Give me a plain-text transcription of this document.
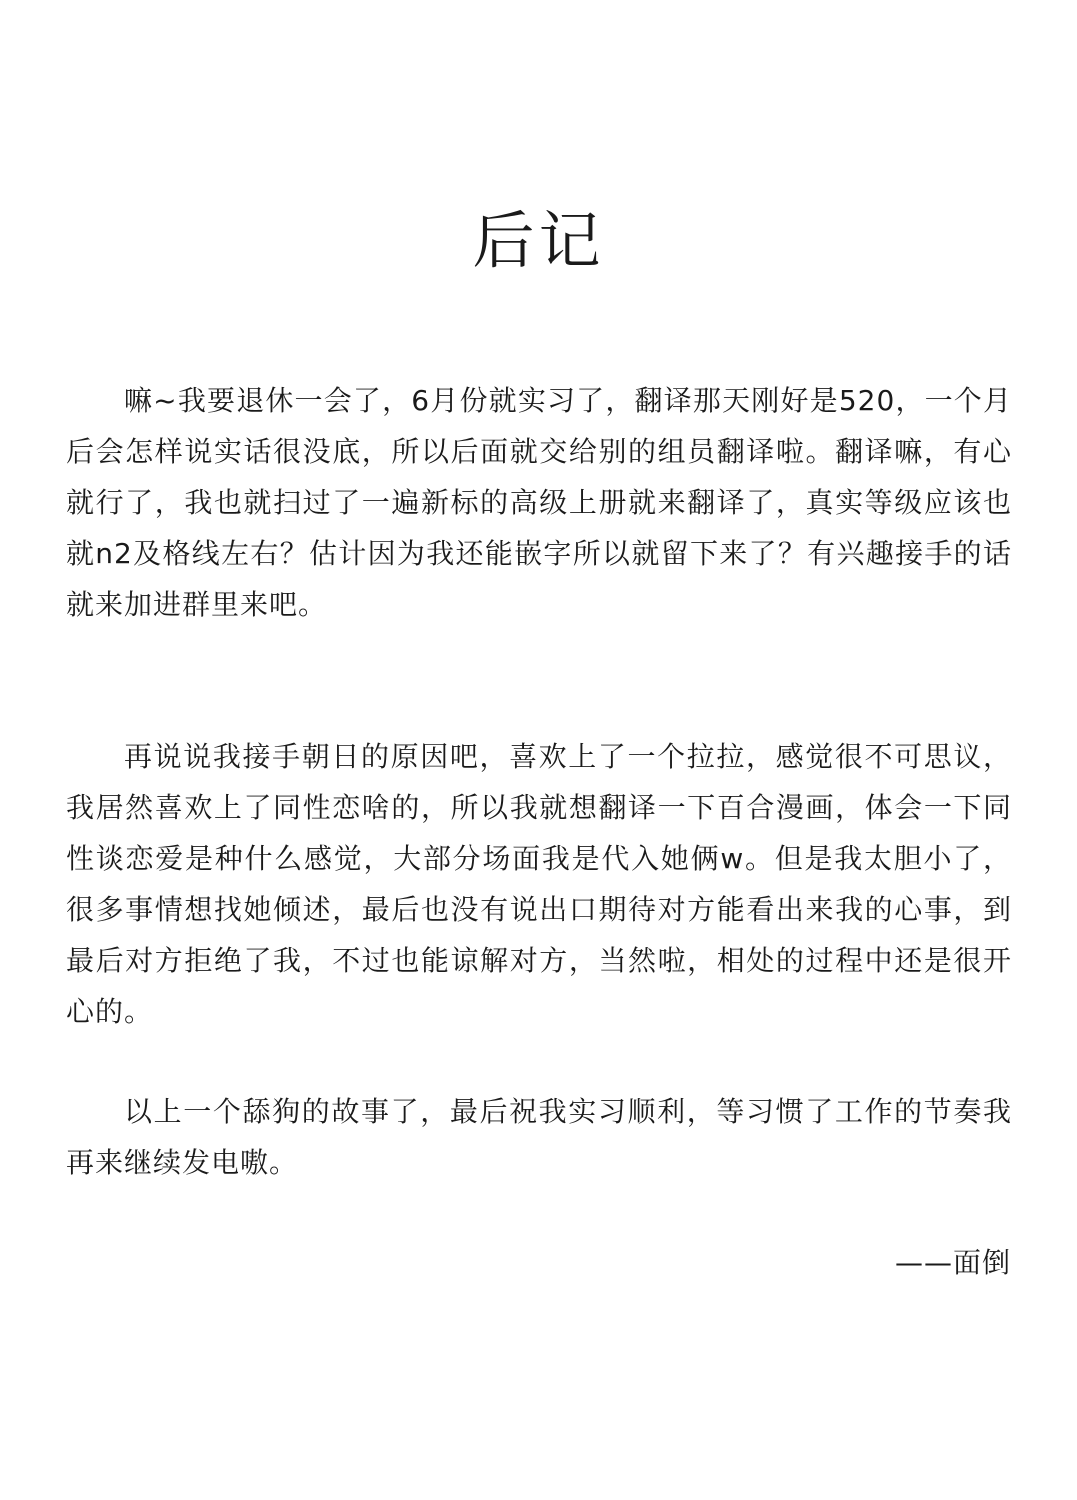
后记

嘛~我要退休一会了，6月份就实习了，翻译那天刚好是520，一个月后会怎样说实话很没底，所以后面就交给别的组员翻译啦。翻译嘛，有心就行了，我也就扫过了一遍新标的高级上册就来翻译了，真实等级应该也就n2及格线左右？估计因为我还能嵌字所以就留下来了？有兴趣接手的话就来加进群里来吧。

再说说我接手朝日的原因吧，喜欢上了一个拉拉，感觉很不可思议，我居然喜欢上了同性恋啥的，所以我就想翻译一下百合漫画，体会一下同性谈恋爱是种什么感觉，大部分场面我是代入她俩w。但是我太胆小了，很多事情想找她倾述，最后也没有说出口期待对方能看出来我的心事，到最后对方拒绝了我，不过也能谅解对方，当然啦，相处的过程中还是很开心的。

以上一个舔狗的故事了，最后祝我实习顺利，等习惯了工作的节奏我再来继续发电嗷。

——面倒
